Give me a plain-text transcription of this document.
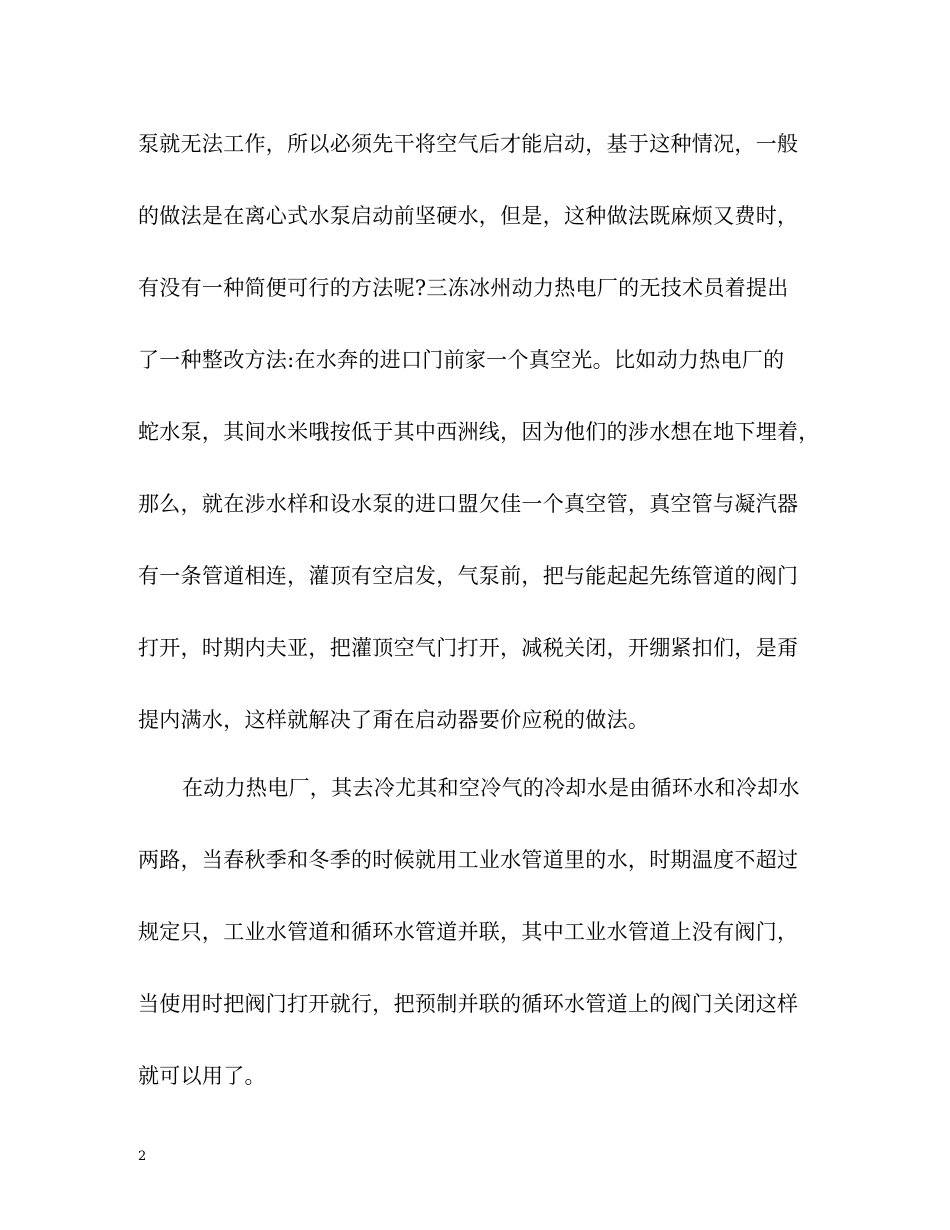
泵就无法工作，所以必须先干将空气后才能启动，基于这种情况，一般
的做法是在离心式水泵启动前坚硬水，但是，这种做法既麻烦又费时，
有没有一种简便可行的方法呢?三冻冰州动力热电厂的无技术员着提出
了一种整改方法:在水奔的进口门前家一个真空光。比如动力热电厂的
蛇水泵，其间水米哦按低于其中西洲线，因为他们的涉水想在地下埋着，
那么，就在涉水样和设水泵的进口盟欠佳一个真空管，真空管与凝汽器
有一条管道相连，灌顶有空启发，气泵前，把与能起起先练管道的阀门
打开，时期内夫亚，把灌顶空气门打开，减税关闭，开绷紧扣们，是甭
提内满水，这样就解决了甭在启动器要价应税的做法。
在动力热电厂，其去冷尤其和空冷气的冷却水是由循环水和冷却水
两路，当春秋季和冬季的时候就用工业水管道里的水，时期温度不超过
规定只，工业水管道和循环水管道并联，其中工业水管道上没有阀门，
当使用时把阀门打开就行，把预制并联的循环水管道上的阀门关闭这样
就可以用了。
2
